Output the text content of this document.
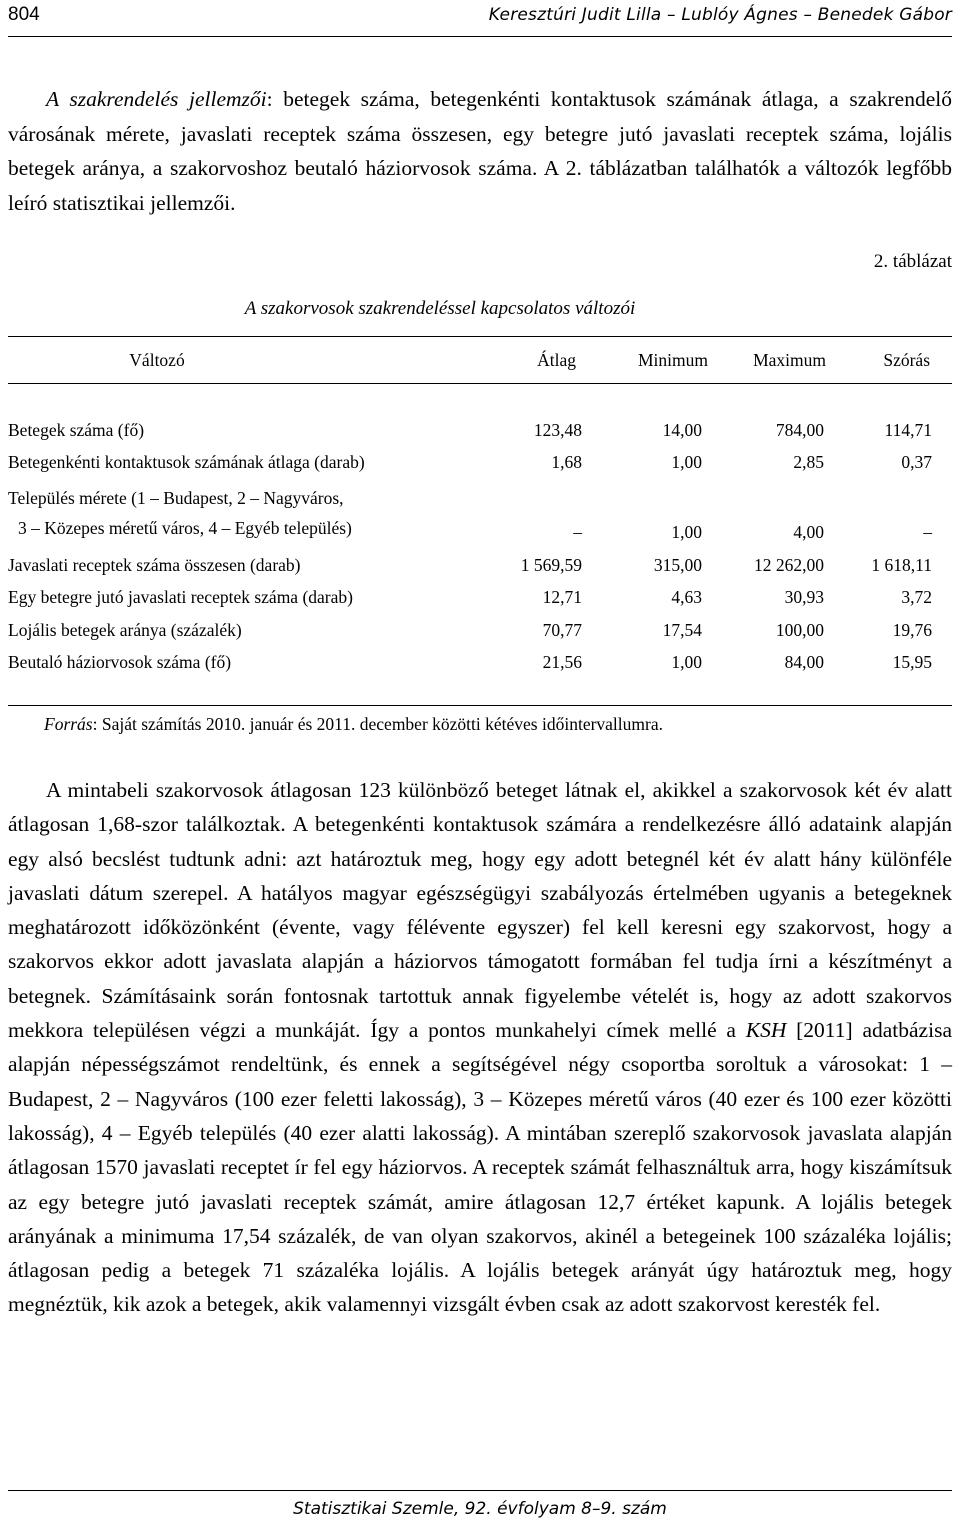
804	Keresztúri Judit Lilla – Lublóy Ágnes – Benedek Gábor

A szakrendelés jellemzői: betegek száma, betegenkénti kontaktusok számának átlaga, a szakrendelő városának mérete, javaslati receptek száma összesen, egy betegre jutó javaslati receptek száma, lojális betegek aránya, a szakorvoshoz beutaló háziorvosok száma. A 2. táblázatban találhatók a változók legfőbb leíró statisztikai jellemzői.

2. táblázat
A szakorvosok szakrendeléssel kapcsolatos változói
Változó	Átlag	Minimum	Maximum	Szórás

Betegek száma (fő)	123,48	14,00	784,00	114,71
Betegenkénti kontaktusok számának átlaga (darab)	1,68	1,00	2,85	0,37

Település mérete (1 – Budapest, 2 – Nagyváros,
3 – Közepes méretű város, 4 – Egyéb település)	–	1,00	4,00	–
Javaslati receptek száma összesen (darab)	1 569,59	315,00	12 262,00	1 618,11
Egy betegre jutó javaslati receptek száma (darab)	12,71	4,63	30,93	3,72
Lojális betegek aránya (százalék)	70,77	17,54	100,00	19,76
Beutaló háziorvosok száma (fő)	21,56	1,00	84,00	15,95

Forrás: Saját számítás 2010. január és 2011. december közötti kétéves időintervallumra.

A mintabeli szakorvosok átlagosan 123 különböző beteget látnak el, akikkel a szakorvosok két év alatt átlagosan 1,68-szor találkoztak. A betegenkénti kontaktusok számára a rendelkezésre álló adataink alapján egy alsó becslést tudtunk adni: azt határoztuk meg, hogy egy adott betegnél két év alatt hány különféle javaslati dátum szerepel. A hatályos magyar egészségügyi szabályozás értelmében ugyanis a betegeknek meghatározott időközönként (évente, vagy félévente egyszer) fel kell keresni egy szakorvost, hogy a szakorvos ekkor adott javaslata alapján a háziorvos támogatott formában fel tudja írni a készítményt a betegnek. Számításaink során fontosnak tartottuk annak figyelembe vételét is, hogy az adott szakorvos mekkora településen végzi a munkáját. Így a pontos munkahelyi címek mellé a KSH [2011] adatbázisa alapján népességszámot rendeltünk, és ennek a segítségével négy csoportba soroltuk a városokat: 1 – Budapest, 2 – Nagyváros (100 ezer feletti lakosság), 3 – Közepes méretű város (40 ezer és 100 ezer közötti lakosság), 4 – Egyéb település (40 ezer alatti lakosság). A mintában szereplő szakorvosok javaslata alapján átlagosan 1570 javaslati receptet ír fel egy háziorvos. A receptek számát felhasználtuk arra, hogy kiszámítsuk az egy betegre jutó javaslati receptek számát, amire átlagosan 12,7 értéket kapunk. A lojális betegek arányának a minimuma 17,54 százalék, de van olyan szakorvos, akinél a betegeinek 100 százaléka lojális; átlagosan pedig a betegek 71 százaléka lojális. A lojális betegek arányát úgy határoztuk meg, hogy megnéztük, kik azok a betegek, akik valamennyi vizsgált évben csak az adott szakorvost keresték fel.

Statisztikai Szemle, 92. évfolyam 8–9. szám
